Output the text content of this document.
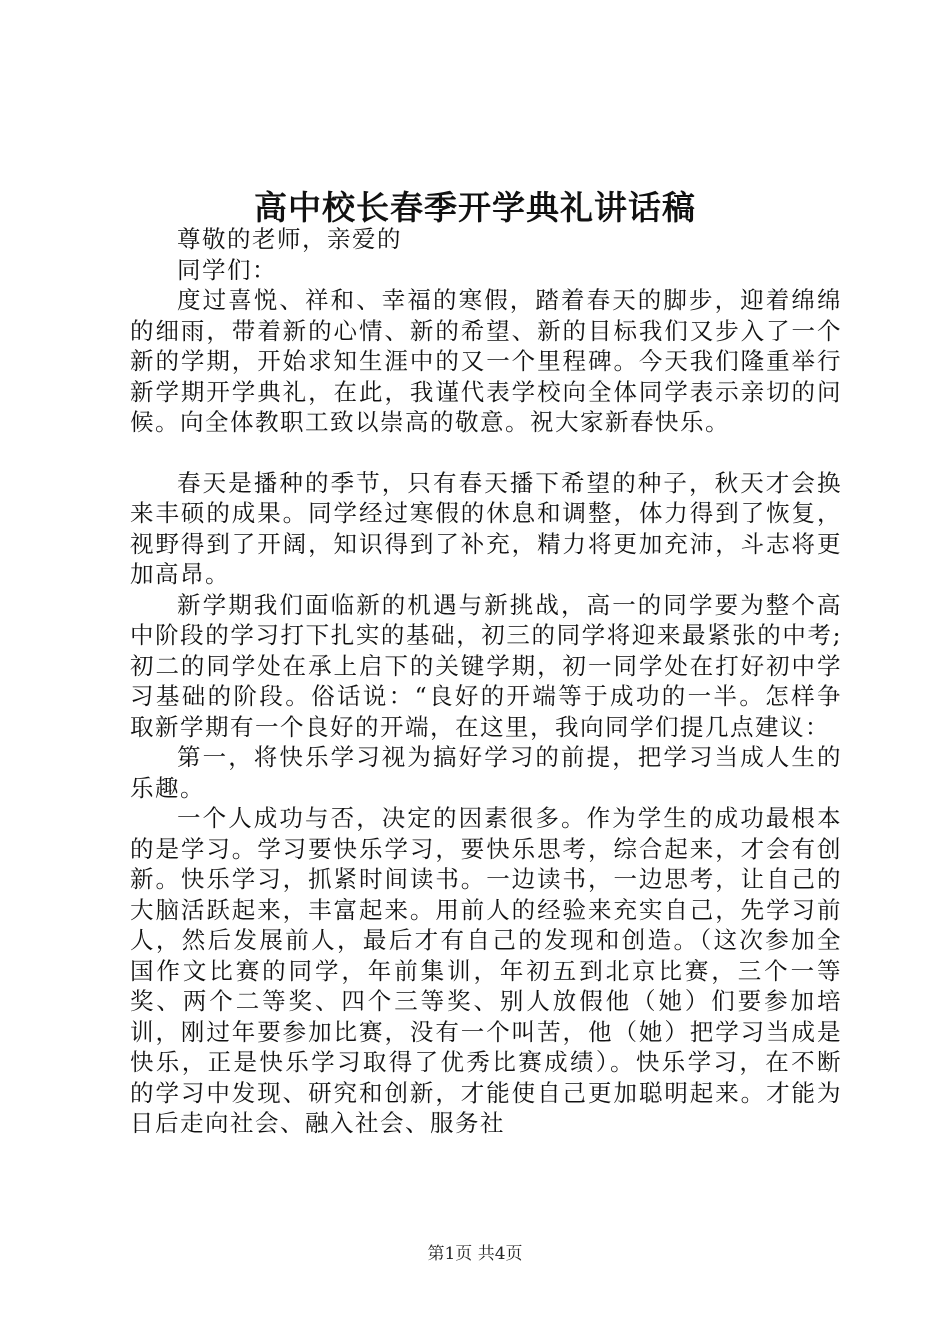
高中校长春季开学典礼讲话稿

尊敬的老师，亲爱的

同学们：

度过喜悦、祥和、幸福的寒假，踏着春天的脚步，迎着绵绵的细雨，带着新的心情、新的希望、新的目标我们又步入了一个新的学期，开始求知生涯中的又一个里程碑。今天我们隆重举行新学期开学典礼，在此，我谨代表学校向全体同学表示亲切的问候。向全体教职工致以崇高的敬意。祝大家新春快乐。

春天是播种的季节，只有春天播下希望的种子，秋天才会换来丰硕的成果。同学经过寒假的休息和调整，体力得到了恢复，视野得到了开阔，知识得到了补充，精力将更加充沛，斗志将更加高昂。

新学期我们面临新的机遇与新挑战，高一的同学要为整个高中阶段的学习打下扎实的基础，初三的同学将迎来最紧张的中考;初二的同学处在承上启下的关键学期，初一同学处在打好初中学习基础的阶段。俗话说：“良好的开端等于成功的一半。怎样争取新学期有一个良好的开端，在这里，我向同学们提几点建议：

第一，将快乐学习视为搞好学习的前提，把学习当成人生的乐趣。

一个人成功与否，决定的因素很多。作为学生的成功最根本的是学习。学习要快乐学习，要快乐思考，综合起来，才会有创新。快乐学习，抓紧时间读书。一边读书，一边思考，让自己的大脑活跃起来，丰富起来。用前人的经验来充实自己，先学习前人，然后发展前人，最后才有自己的发现和创造。（这次参加全国作文比赛的同学，年前集训，年初五到北京比赛，三个一等奖、两个二等奖、四个三等奖、别人放假他（她）们要参加培训，刚过年要参加比赛，没有一个叫苦，他（她）把学习当成是快乐，正是快乐学习取得了优秀比赛成绩）。快乐学习，在不断的学习中发现、研究和创新，才能使自己更加聪明起来。才能为日后走向社会、融入社会、服务社

第1页 共4页
